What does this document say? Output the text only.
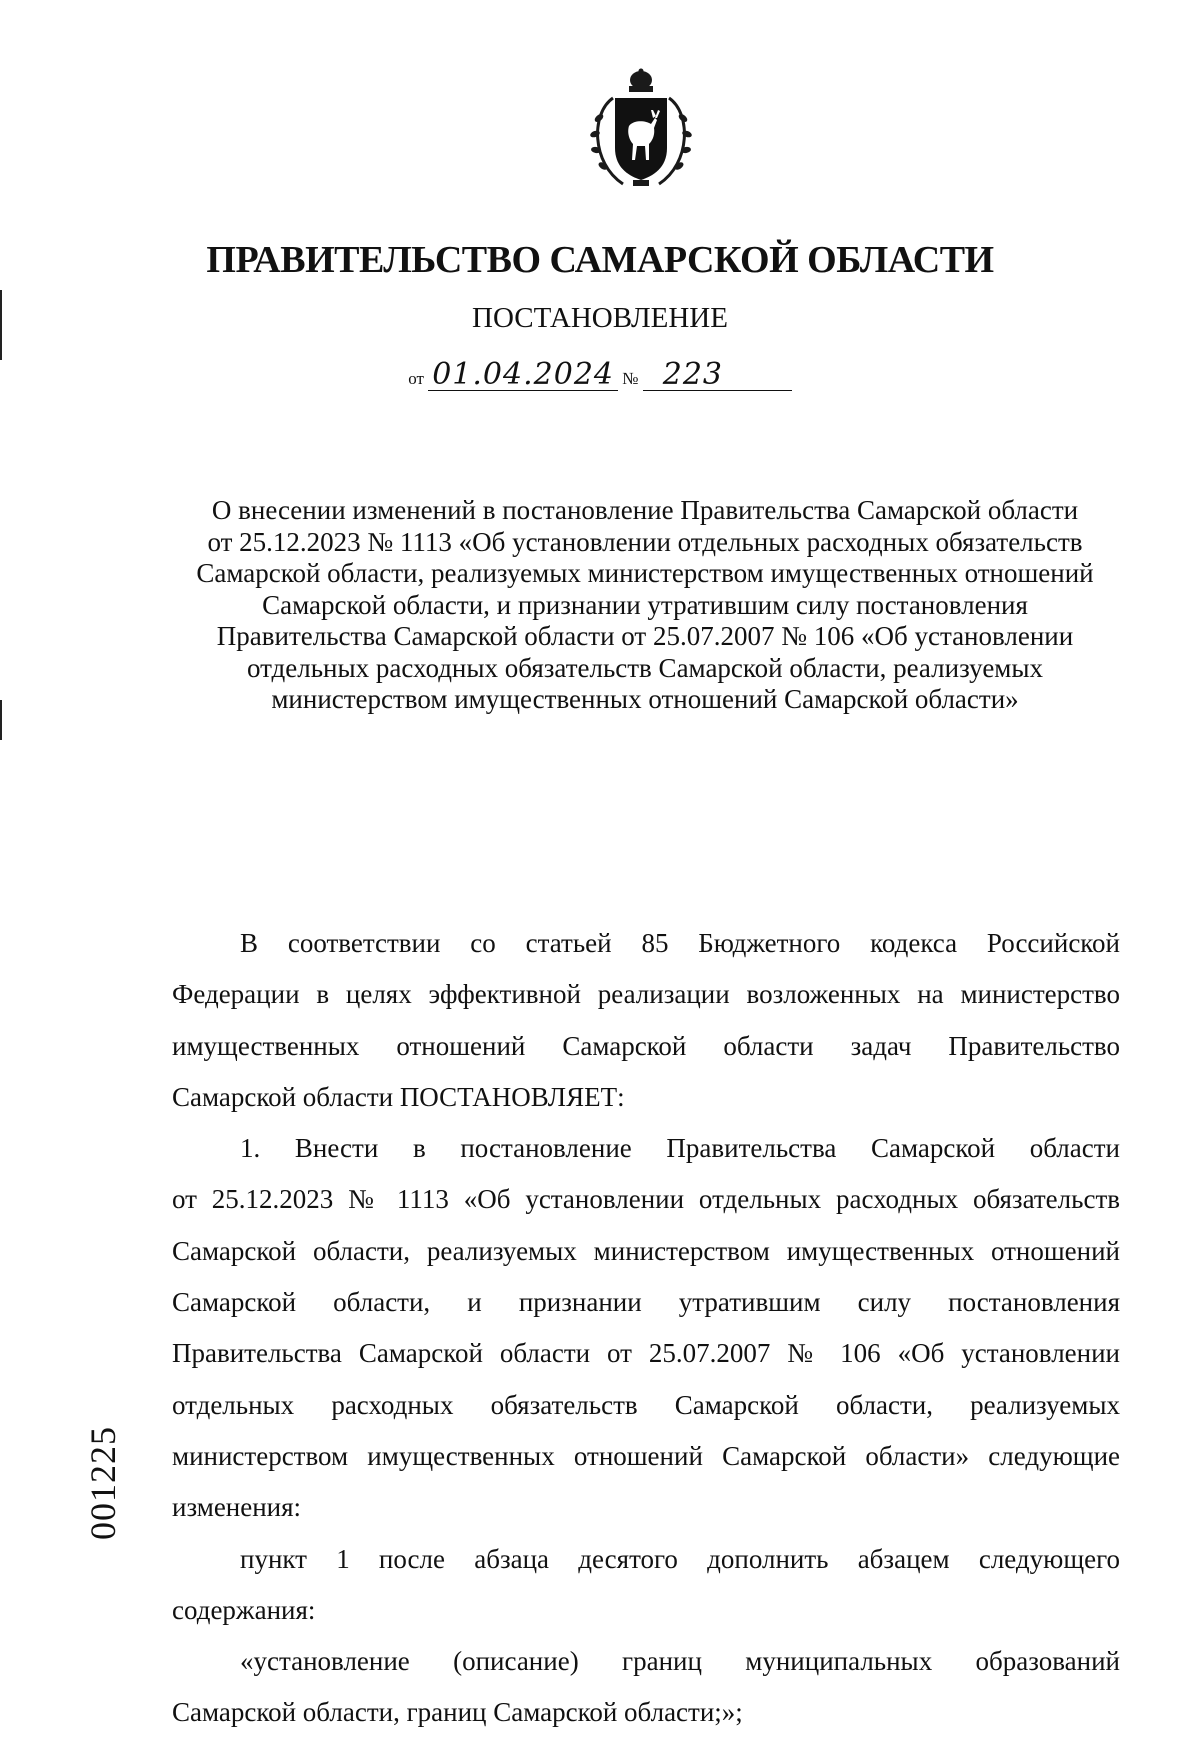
ПРАВИТЕЛЬСТВО САМАРСКОЙ ОБЛАСТИ
ПОСТАНОВЛЕНИЕ
от 01.04.2024 № 223
О внесении изменений в постановление Правительства Самарской области
от 25.12.2023 № 1113 «Об установлении отдельных расходных обязательств
Самарской области, реализуемых министерством имущественных отношений
Самарской области, и признании утратившим силу постановления
Правительства Самарской области от 25.07.2007 № 106 «Об установлении
отдельных расходных обязательств Самарской области, реализуемых
министерством имущественных отношений Самарской области»
В соответствии со статьей 85 Бюджетного кодекса Российской
Федерации в целях эффективной реализации возложенных на министерство
имущественных отношений Самарской области задач Правительство
Самарской области ПОСТАНОВЛЯЕТ:
1. Внести в постановление Правительства Самарской области
от 25.12.2023 № 1113 «Об установлении отдельных расходных обязательств
Самарской области, реализуемых министерством имущественных отношений
Самарской области, и признании утратившим силу постановления
Правительства Самарской области от 25.07.2007 № 106 «Об установлении
отдельных расходных обязательств Самарской области, реализуемых
министерством имущественных отношений Самарской области» следующие
изменения:
пункт 1 после абзаца десятого дополнить абзацем следующего
содержания:
«установление (описание) границ муниципальных образований
Самарской области, границ Самарской области;»;
001225
